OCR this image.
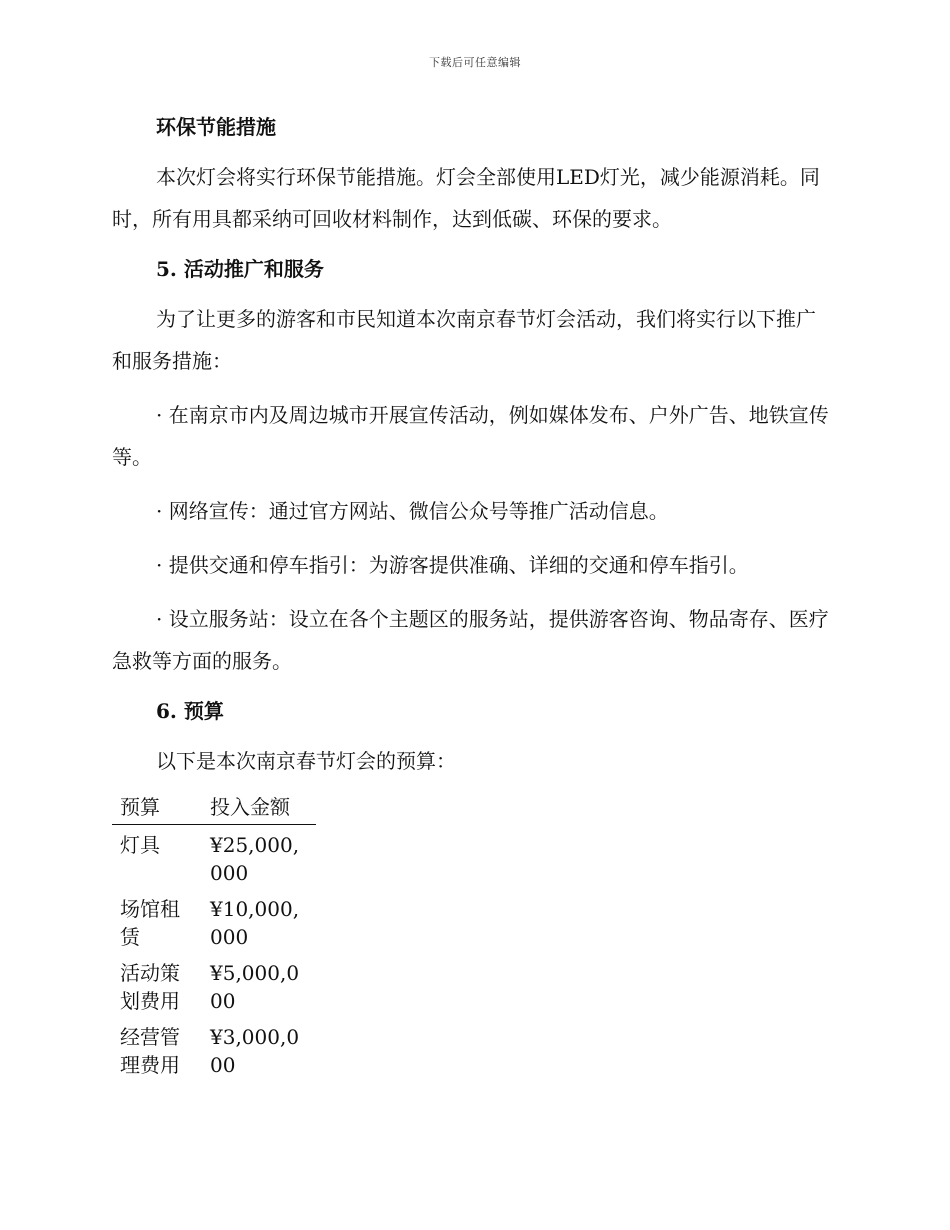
下载后可任意编辑
环保节能措施

本次灯会将实行环保节能措施。灯会全部使用LED灯光，减少能源消耗。同时，所有用具都采纳可回收材料制作，达到低碳、环保的要求。

5. 活动推广和服务

为了让更多的游客和市民知道本次南京春节灯会活动，我们将实行以下推广和服务措施：

· 在南京市内及周边城市开展宣传活动，例如媒体发布、户外广告、地铁宣传等。

· 网络宣传：通过官方网站、微信公众号等推广活动信息。

· 提供交通和停车指引：为游客提供准确、详细的交通和停车指引。

· 设立服务站：设立在各个主题区的服务站，提供游客咨询、物品寄存、医疗急救等方面的服务。

6. 预算

以下是本次南京春节灯会的预算：

预算	投入金额
灯具	¥25,000,000
场馆租赁	¥10,000,000
活动策划费用	¥5,000,000
经营管理费用	¥3,000,000
